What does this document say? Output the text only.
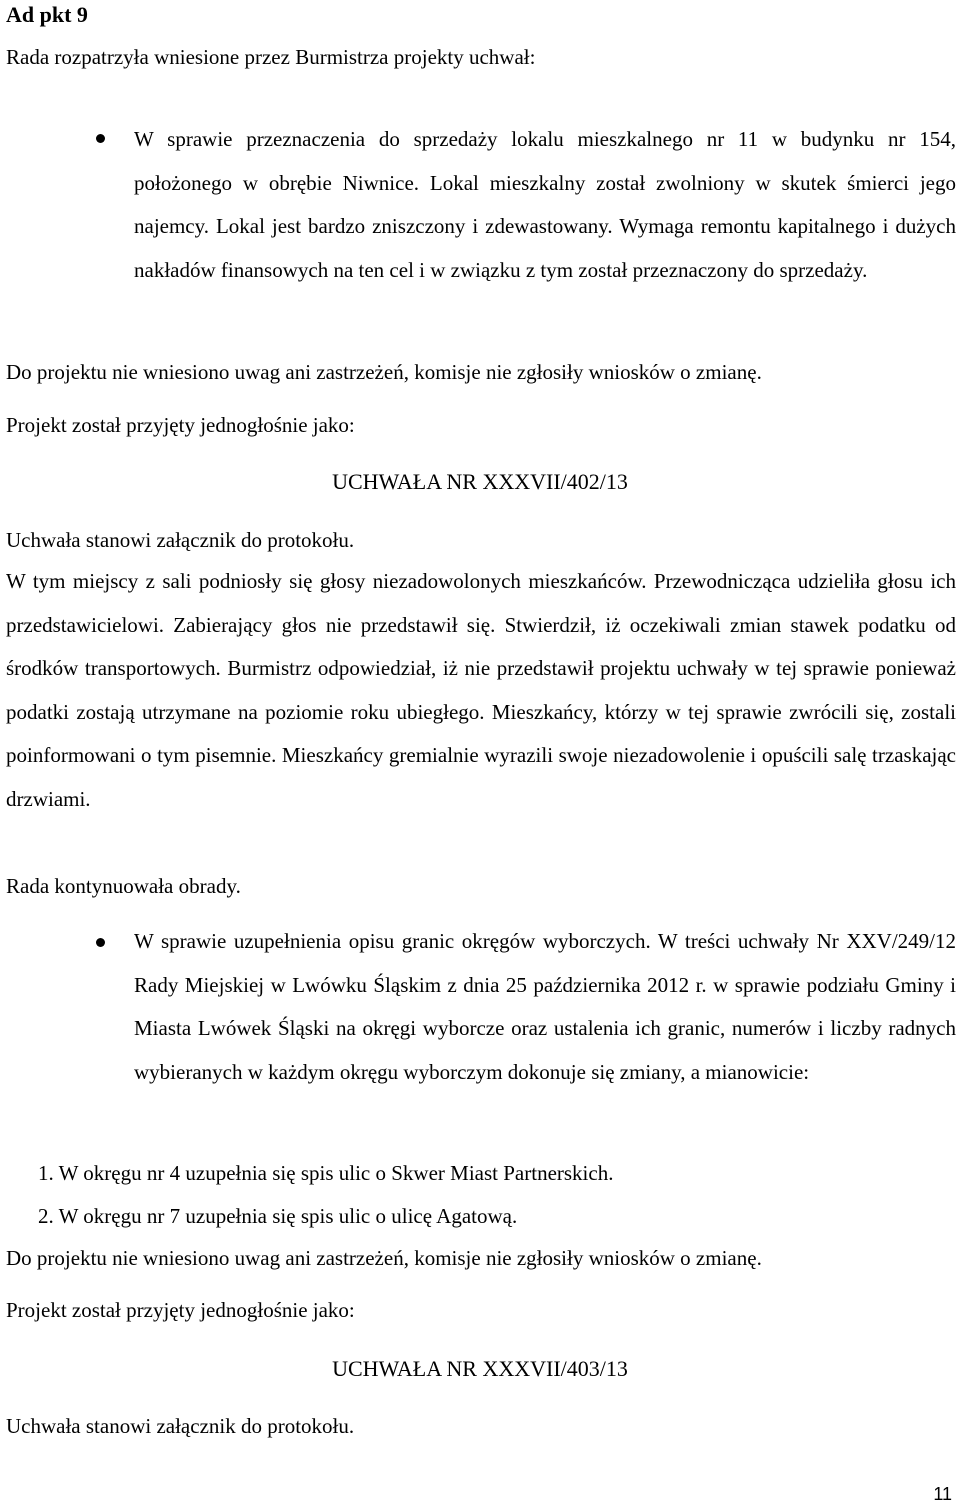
Ad pkt 9
Rada rozpatrzyła wniesione przez Burmistrza projekty uchwał:
W sprawie przeznaczenia do sprzedaży lokalu mieszkalnego nr 11 w budynku nr 154, położonego w obrębie Niwnice. Lokal mieszkalny został zwolniony w skutek śmierci jego najemcy. Lokal jest bardzo zniszczony i zdewastowany. Wymaga remontu kapitalnego i dużych nakładów finansowych na ten cel i w związku z tym został przeznaczony do sprzedaży.
Do projektu nie wniesiono uwag ani zastrzeżeń, komisje nie zgłosiły wniosków o zmianę.
Projekt został przyjęty jednogłośnie jako:
UCHWAŁA NR XXXVII/402/13
Uchwała stanowi załącznik do protokołu.
W tym miejscy z sali podniosły się głosy niezadowolonych mieszkańców. Przewodnicząca udzieliła głosu ich przedstawicielowi. Zabierający głos nie przedstawił się. Stwierdził, iż oczekiwali zmian stawek podatku od środków transportowych. Burmistrz odpowiedział, iż nie przedstawił projektu uchwały w tej sprawie ponieważ podatki zostają utrzymane na poziomie roku ubiegłego. Mieszkańcy, którzy w tej sprawie zwrócili się, zostali poinformowani o tym pisemnie. Mieszkańcy gremialnie wyrazili swoje niezadowolenie i opuścili salę trzaskając drzwiami.
Rada kontynuowała obrady.
W sprawie uzupełnienia opisu granic okręgów wyborczych. W treści uchwały Nr XXV/249/12 Rady Miejskiej w Lwówku Śląskim z dnia 25 października 2012 r. w sprawie podziału Gminy i Miasta Lwówek Śląski na okręgi wyborcze oraz ustalenia ich granic, numerów i liczby radnych wybieranych w każdym okręgu wyborczym dokonuje się zmiany, a mianowicie:
1. W okręgu nr 4 uzupełnia się spis ulic o Skwer Miast Partnerskich.
2. W okręgu nr 7 uzupełnia się spis ulic o ulicę Agatową.
Do projektu nie wniesiono uwag ani zastrzeżeń, komisje nie zgłosiły wniosków o zmianę.
Projekt został przyjęty jednogłośnie jako:
UCHWAŁA NR XXXVII/403/13
Uchwała stanowi załącznik do protokołu.
11
